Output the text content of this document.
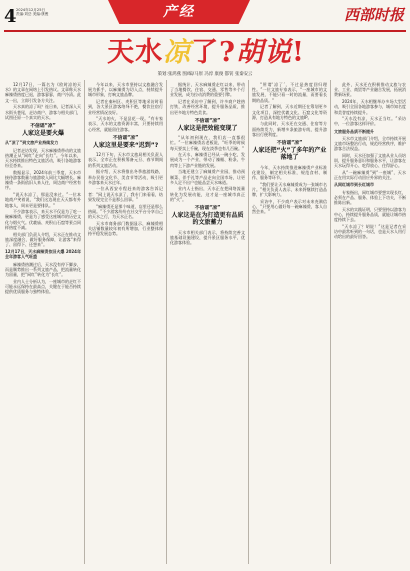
4 2024年12月25日
责编:刘岳 美编:康俊	产经	西部时报
天水凉了?胡说!
策划:张鸿燕 图/编/马原 冯淳 康俊 都钊 张秦安云

12月17日，一篇名为《欧时凉的天水》的文章在网络上引发热议。文章称天水麻辣烫热度已退，游客寥寥，商户冷清。此文一出，立即引发各方关注。

天水真的凉了吗？连日来，记者深入天水街头巷尾，走访商户、游客与相关部门，试图还原一个真实的天水。

不信谣“凉”
人家这是要火爆
从“凉了”到文旅产业持续发力

记者走访发现，天水麻辣烫带动的文旅热潮正从“网红”走向“长红”。今年以来，天水持续推出特色文旅活动，吸引各地游客纷至沓来。

数据显示，2024年前三季度，天水市接待游客数量与旅游收入同比大幅增长。麻辣烫一条街依旧人来人往，周边商户经营有序。

“说天水凉了，那是没来过。”一位本地商户笑着说，“我们这边现在天天都有外地客人，周末更是要排队。”

不少游客表示，来天水不仅是为了吃一碗麻辣烫，更是为了感受这座城市的历史文化与烟火气。伏羲庙、麦积山石窟等景点同样热度不减。

相关部门负责人介绍，天水正在推动文旅深度融合，做好服务保障，让游客“来得了、留得下、还想来”。

12月17日，天水麻辣烫依旧火爆 2024年全年游客人气旺盛

麻辣烫热潮过后，天水没有停下脚步，而是顺势推出一系列文旅产品，把流量转化为留量，把“网红”转化为“长红”。

业内人士分析认为，一座城市的走红不可能永远保持在最高点，关键在于能否持续提供优质服务与独特体验。

今年以来，天水市坚持以文旅融合发展为抓手，以麻辣烫为切入点，持续提升城市形象，打响文旅品牌。

记者在秦州区、麦积区等地采访时看到，各大景区游客络绎不绝，餐饮住宿行业经营情况良好。

“天水的火，不是昙花一现。”有专家表示，天水的文旅资源丰富，只要持续用心经营，就能留住游客。

不信谣“凉”
人家这里是要来“迟到”?

12月下旬，天水市文旅局相关负责人表示，全市正在积极筹备元旦、春节期间的系列文旅活动。

据介绍，天水将推出冬季旅游线路，举办民俗文化节、美食节等活动，吸引更多游客来天水过年。

一位从西安专程赶来的游客告诉记者：“网上说天水凉了，我专门来看看，结果发现完全不是那么回事。”

“麻辣烫还是那个味道，店里还是那么热闹。”不少游客纷纷在社交平台分享自己的天水之行，为天水正名。

天水市商务部门数据显示，麻辣烫相关店铺数量较年初有所增加，行业整体保持平稳发展态势。

据统计，天水麻辣烫走红以来，带动了当地餐饮、住宿、交通、零售等多个行业发展，成为拉动消费的重要引擎。

记者在采访中了解到，许多商户趁热打铁，改善经营环境，提升服务品质，推出更多地方特色美食。

不信谣“凉”
人家这是把效能变现了

“从年初到现在，我们店一直都很忙。”一位麻辣烫店老板说，“旺季的时候每天要卖上千碗，现在淡季也有几百碗。”

在天水，麻辣烫已经从一碗小吃，发展成为一个产业，带动了辣椒、粉条、牛肉等上下游产业链的发展。

当地还建立了麻辣烫产业园，推动预制菜、伴手礼等产品走向全国市场，让更多人足不出户也能品尝天水味道。

业内人士指出，天水正在把网络流量转化为发展动能，这才是一座城市真正的“火”。

不信谣“凉”
人家这是在为打造更有品质的文旅蓄力

天水市相关部门表示，将持续完善文旅基础设施建设，提升景区服务水平，优化游客体验。

“所谓‘凉了’，不过是热度回归理性。”一位文旅专家表示，“一座城市的文旅发展，不能只看一时的流量，而要看长期的品质。”

记者了解到，天水近期还在筹划更多文化项目，深挖伏羲文化、石窟文化等资源，打造具有地方特色的文旅IP。

与此同时，天水还在交通、住宿等方面持续发力，新增多条旅游专线，提升游客出行便利度。

不信谣“凉”
人家还把“火”了多年的产业落地了

今年，天水持续推进麻辣烫产业标准化建设，制定相关标准，规范食材、制作、服务等环节。

“我们要让天水麻辣烫成为一张城市名片。”相关负责人表示，未来将继续打造品牌，扩大影响力。

采访中，不少商户表示对未来充满信心，“只要用心做好每一碗麻辣烫，客人自然会来。”

此外，天水还在积极推动文旅与农业、工业、商贸等产业融合发展，拓展消费新场景。

2024年，天水相继举办多场大型活动，吸引全国各地游客参与，城市知名度和美誉度持续提升。

“天水没有凉，天水正当红。”采访中，一位游客这样评价。

文旅服务品质不断提升

天水市文旅部门介绍，全市持续开展文旅市场整治行动，规范经营秩序，维护游客合法权益。

同时，天水还加强了文旅从业人员培训，提升服务意识和服务水平，让游客在天水玩得开心、吃得放心、住得舒心。

从“一碗麻辣烫”到“一座城”，天水正在用实际行动回应外界的关注。

从网红城市到长红城市

专家指出，网红城市要想实现长红，必须在产品、服务、体验上下功夫，不断推陈出新。

天水的实践证明，只要坚持以游客为中心，持续提升服务品质，就能让城市热度持续下去。

“天水凉了？胡说！”这是记者在采访中最常听到的一句话，也是天水人用行动给出的最好回答。
